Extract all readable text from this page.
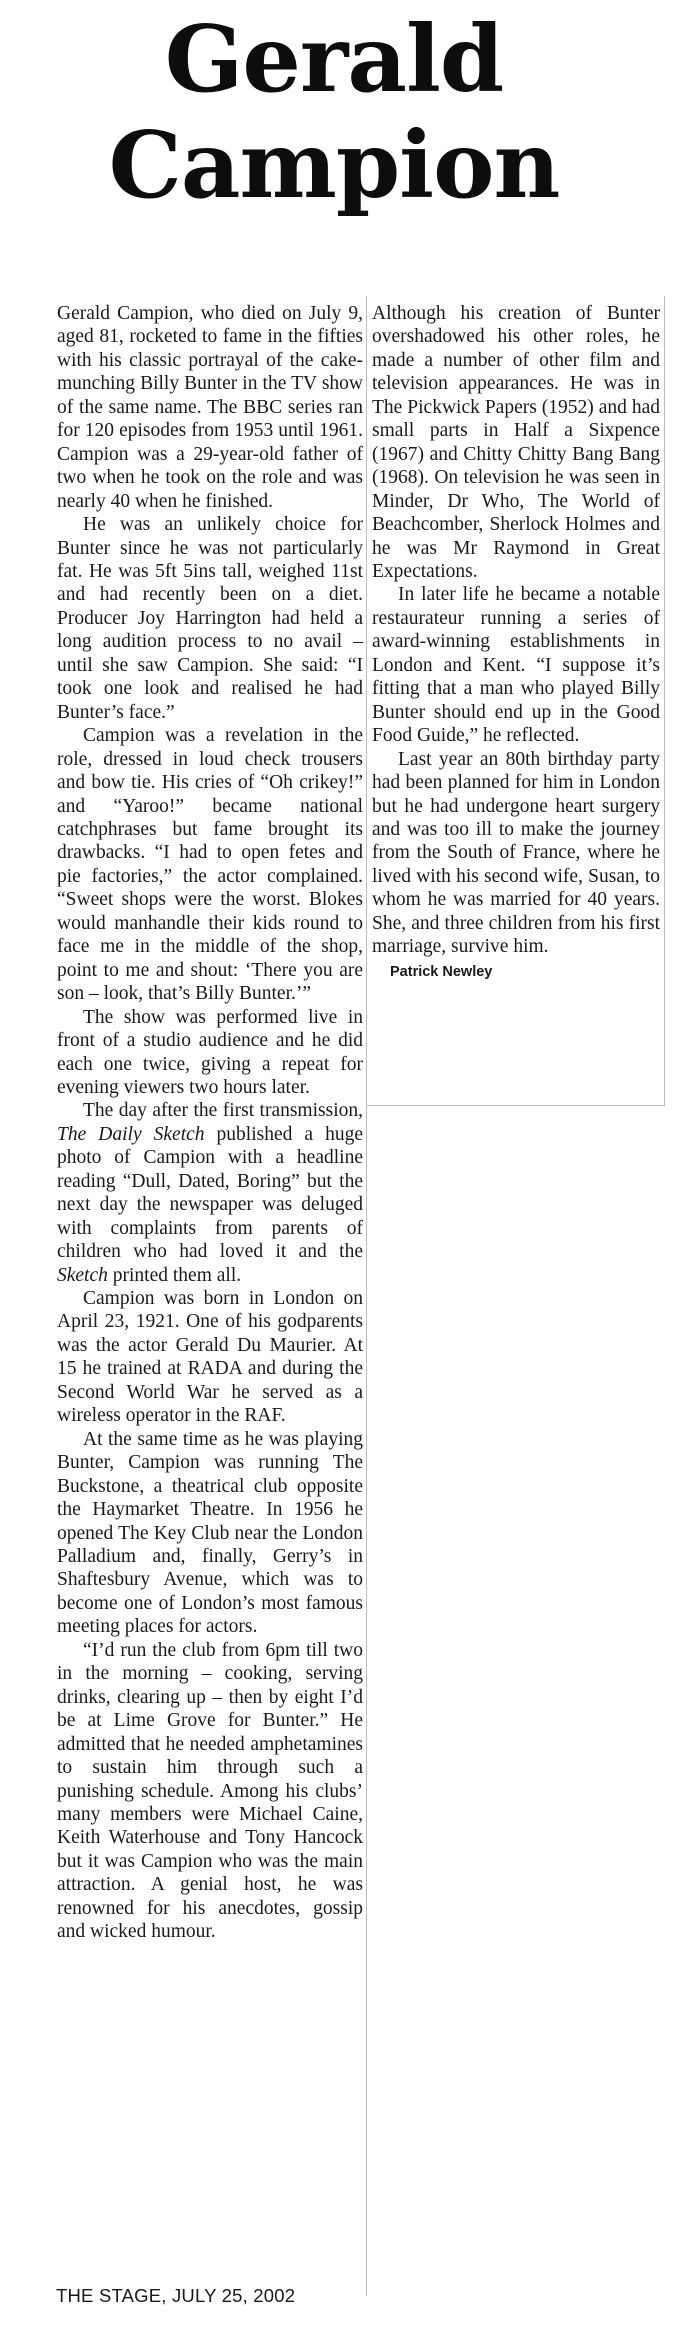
Gerald
Campion

Gerald Campion, who died on July 9, aged 81, rocketed to fame in the fifties with his classic portrayal of the cake-munching Billy Bunter in the TV show of the same name. The BBC series ran for 120 episodes from 1953 until 1961. Campion was a 29-year-old father of two when he took on the role and was nearly 40 when he finished.

He was an unlikely choice for Bunter since he was not particularly fat. He was 5ft 5ins tall, weighed 11st and had recently been on a diet. Producer Joy Harrington had held a long audition process to no avail – until she saw Campion. She said: “I took one look and realised he had Bunter’s face.”

Campion was a revelation in the role, dressed in loud check trousers and bow tie. His cries of “Oh crikey!” and “Yaroo!” became national catchphrases but fame brought its drawbacks. “I had to open fetes and pie factories,” the actor complained. “Sweet shops were the worst. Blokes would manhandle their kids round to face me in the middle of the shop, point to me and shout: ‘There you are son – look, that’s Billy Bunter.’”

The show was performed live in front of a studio audience and he did each one twice, giving a repeat for evening viewers two hours later.

The day after the first transmission, The Daily Sketch published a huge photo of Campion with a headline reading “Dull, Dated, Boring” but the next day the newspaper was deluged with complaints from parents of children who had loved it and the Sketch printed them all.

Campion was born in London on April 23, 1921. One of his godparents was the actor Gerald Du Maurier. At 15 he trained at RADA and during the Second World War he served as a wireless operator in the RAF.

At the same time as he was playing Bunter, Campion was running The Buckstone, a theatrical club opposite the Haymarket Theatre. In 1956 he opened The Key Club near the London Palladium and, finally, Gerry’s in Shaftesbury Avenue, which was to become one of London’s most famous meeting places for actors.

“I’d run the club from 6pm till two in the morning – cooking, serving drinks, clearing up – then by eight I’d be at Lime Grove for Bunter.” He admitted that he needed amphetamines to sustain him through such a punishing schedule. Among his clubs’ many members were Michael Caine, Keith Waterhouse and Tony Hancock but it was Campion who was the main attraction. A genial host, he was renowned for his anecdotes, gossip and wicked humour.

Although his creation of Bunter overshadowed his other roles, he made a number of other film and television appearances. He was in The Pickwick Papers (1952) and had small parts in Half a Sixpence (1967) and Chitty Chitty Bang Bang (1968). On television he was seen in Minder, Dr Who, The World of Beachcomber, Sherlock Holmes and he was Mr Raymond in Great Expectations.

In later life he became a notable restaurateur running a series of award-winning establishments in London and Kent. “I suppose it’s fitting that a man who played Billy Bunter should end up in the Good Food Guide,” he reflected.

Last year an 80th birthday party had been planned for him in London but he had undergone heart surgery and was too ill to make the journey from the South of France, where he lived with his second wife, Susan, to whom he was married for 40 years. She, and three children from his first marriage, survive him.

Patrick Newley
THE STAGE, JULY 25, 2002
